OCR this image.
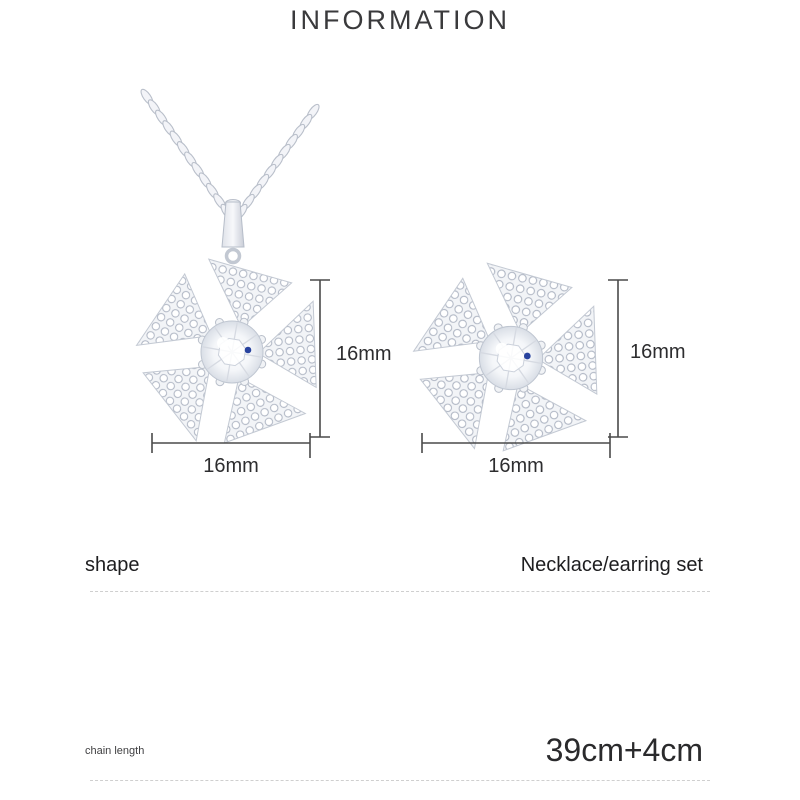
INFORMATION
16mm
16mm
16mm
16mm
shape	Necklace/earring set
chain length	39cm+4cm
